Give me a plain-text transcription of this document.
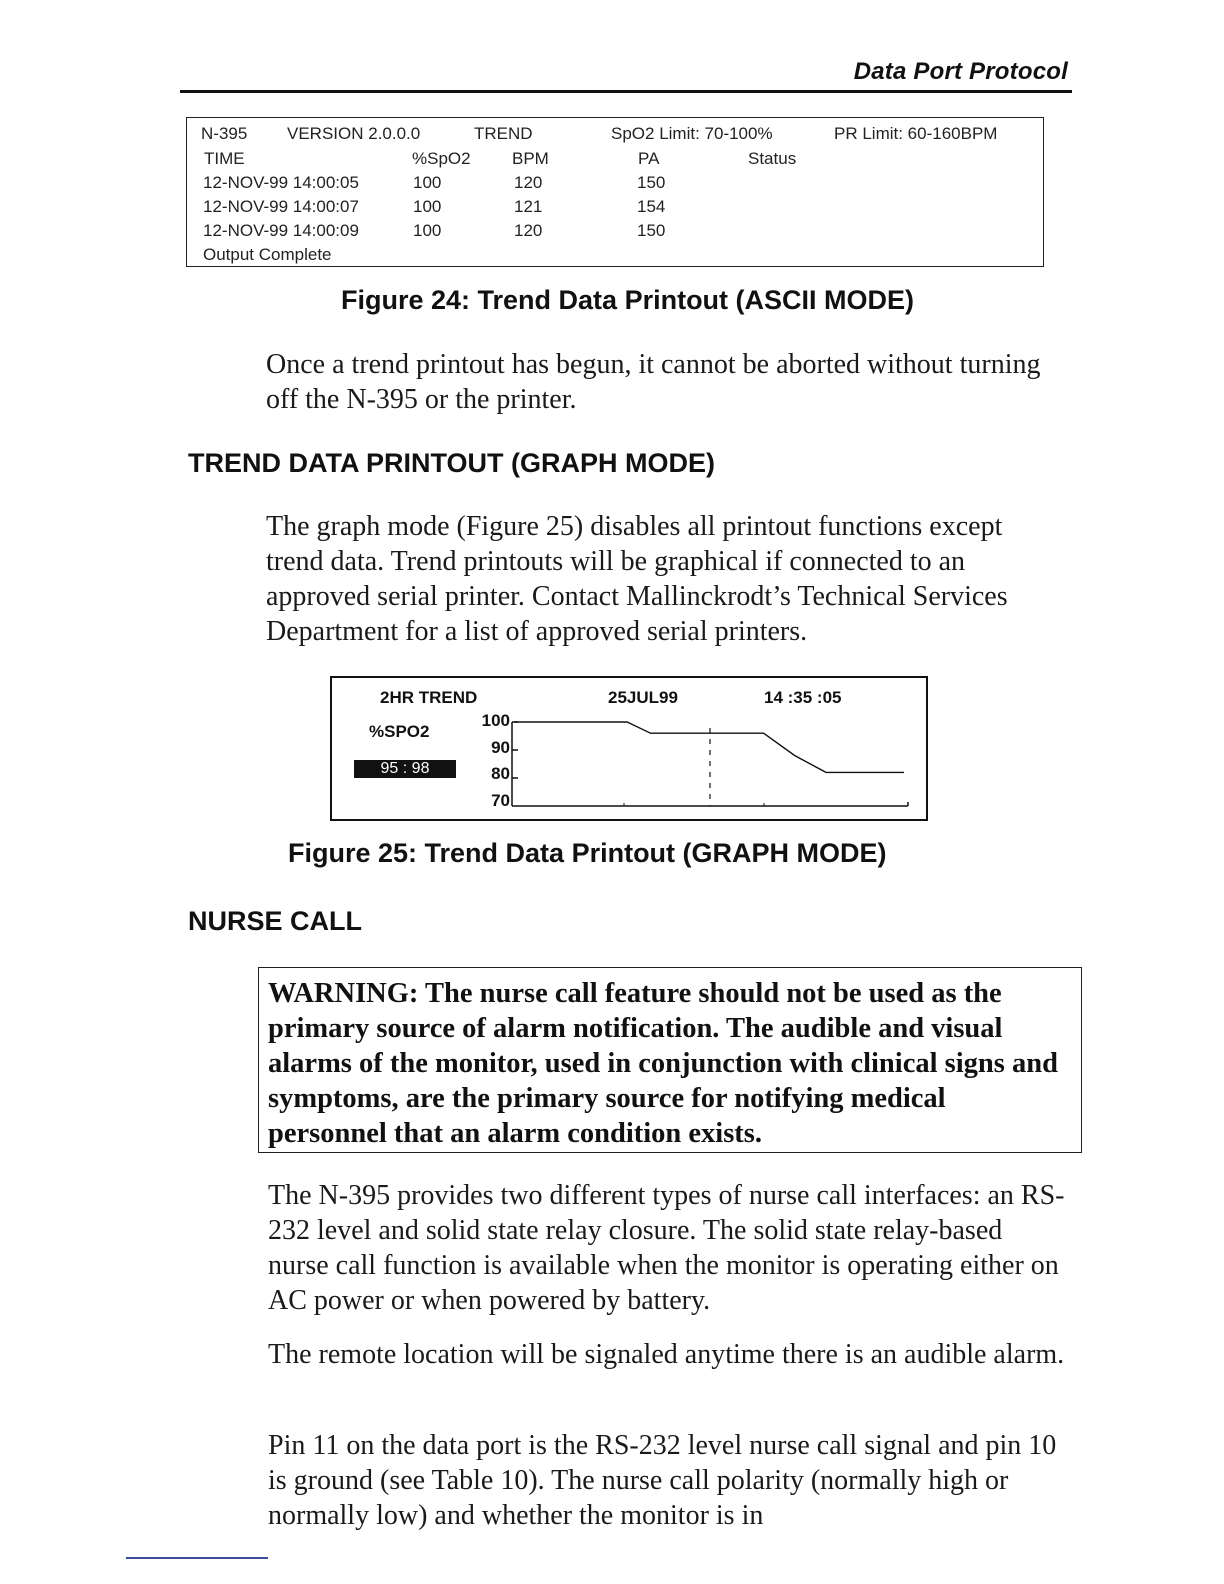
Data Port Protocol
N-395 VERSION 2.0.0.0	TREND	SpO2 Limit: 70-100%	PR Limit: 60-160BPM
TIME	%SpO2 BPM	PA	Status
12-NOV-99 14:00:05	100	120	150
12-NOV-99 14:00:07	100	121	154
12-NOV-99 14:00:09	100	120	150
Output Complete
Figure 24: Trend Data Printout (ASCII MODE)
Once a trend printout has begun, it cannot be aborted without turning off the N-395 or the printer.
TREND DATA PRINTOUT (GRAPH MODE)
The graph mode (Figure 25) disables all printout functions except trend data. Trend printouts will be graphical if connected to an approved serial printer. Contact Mallinckrodt’s Technical Services Department for a list of approved serial printers.
2HR TREND	25JUL99	14 :35 :05
%SPO2
95 : 98
100
90
80
70
Figure 25: Trend Data Printout (GRAPH MODE)
NURSE CALL
WARNING: The nurse call feature should not be used as the primary source of alarm notification. The audible and visual alarms of the monitor, used in conjunction with clinical signs and symptoms, are the primary source for notifying medical personnel that an alarm condition exists.
The N-395 provides two different types of nurse call interfaces: an RS-232 level and solid state relay closure. The solid state relay-based nurse call function is available when the monitor is operating either on AC power or when powered by battery.
The remote location will be signaled anytime there is an audible alarm.
Pin 11 on the data port is the RS-232 level nurse call signal and pin 10 is ground (see Table 10). The nurse call polarity (normally high or normally low) and whether the monitor is in
